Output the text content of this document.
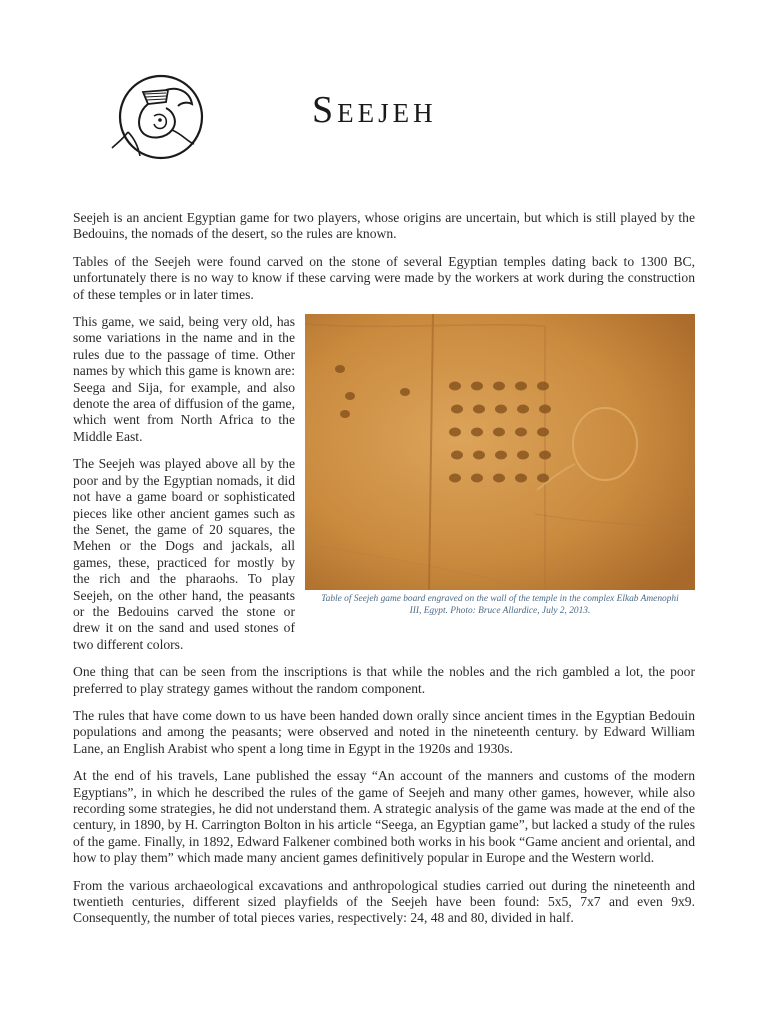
Seejeh

Seejeh is an ancient Egyptian game for two players, whose origins are uncertain, but which is still played by the Bedouins, the nomads of the desert, so the rules are known.

Tables of the Seejeh were found carved on the stone of several Egyptian temples dating back to 1300 BC, unfortunately there is no way to know if these carving were made by the workers at work during the construction of these temples or in later times.

Table of Seejeh game board engraved on the wall of the temple in the complex Elkab Amenophi III, Egypt. Photo: Bruce Allardice, July 2, 2013.

This game, we said, being very old, has some variations in the name and in the rules due to the passage of time. Other names by which this game is known are: Seega and Sija, for example, and also denote the area of diffusion of the game, which went from North Africa to the Middle East.

The Seejeh was played above all by the poor and by the Egyptian nomads, it did not have a game board or sophisticated pieces like other ancient games such as the Senet, the game of 20 squares, the Mehen or the Dogs and jackals, all games, these, practiced for mostly by the rich and the pharaohs. To play Seejeh, on the other hand, the peasants or the Bedouins carved the stone or drew it on the sand and used stones of two different colors.

One thing that can be seen from the inscriptions is that while the nobles and the rich gambled a lot, the poor preferred to play strategy games without the random component.

The rules that have come down to us have been handed down orally since ancient times in the Egyptian Bedouin populations and among the peasants; were observed and noted in the nineteenth century. by Edward William Lane, an English Arabist who spent a long time in Egypt in the 1920s and 1930s.

At the end of his travels, Lane published the essay “An account of the manners and customs of the modern Egyptians”, in which he described the rules of the game of Seejeh and many other games, however, while also recording some strategies, he did not understand them. A strategic analysis of the game was made at the end of the century, in 1890, by H. Carrington Bolton in his article “Seega, an Egyptian game”, but lacked a study of the rules of the game. Finally, in 1892, Edward Falkener combined both works in his book “Game ancient and oriental, and how to play them” which made many ancient games definitively popular in Europe and the Western world.

From the various archaeological excavations and anthropological studies carried out during the nineteenth and twentieth centuries, different sized playfields of the Seejeh have been found: 5x5, 7x7 and even 9x9. Consequently, the number of total pieces varies, respectively: 24, 48 and 80, divided in half.
